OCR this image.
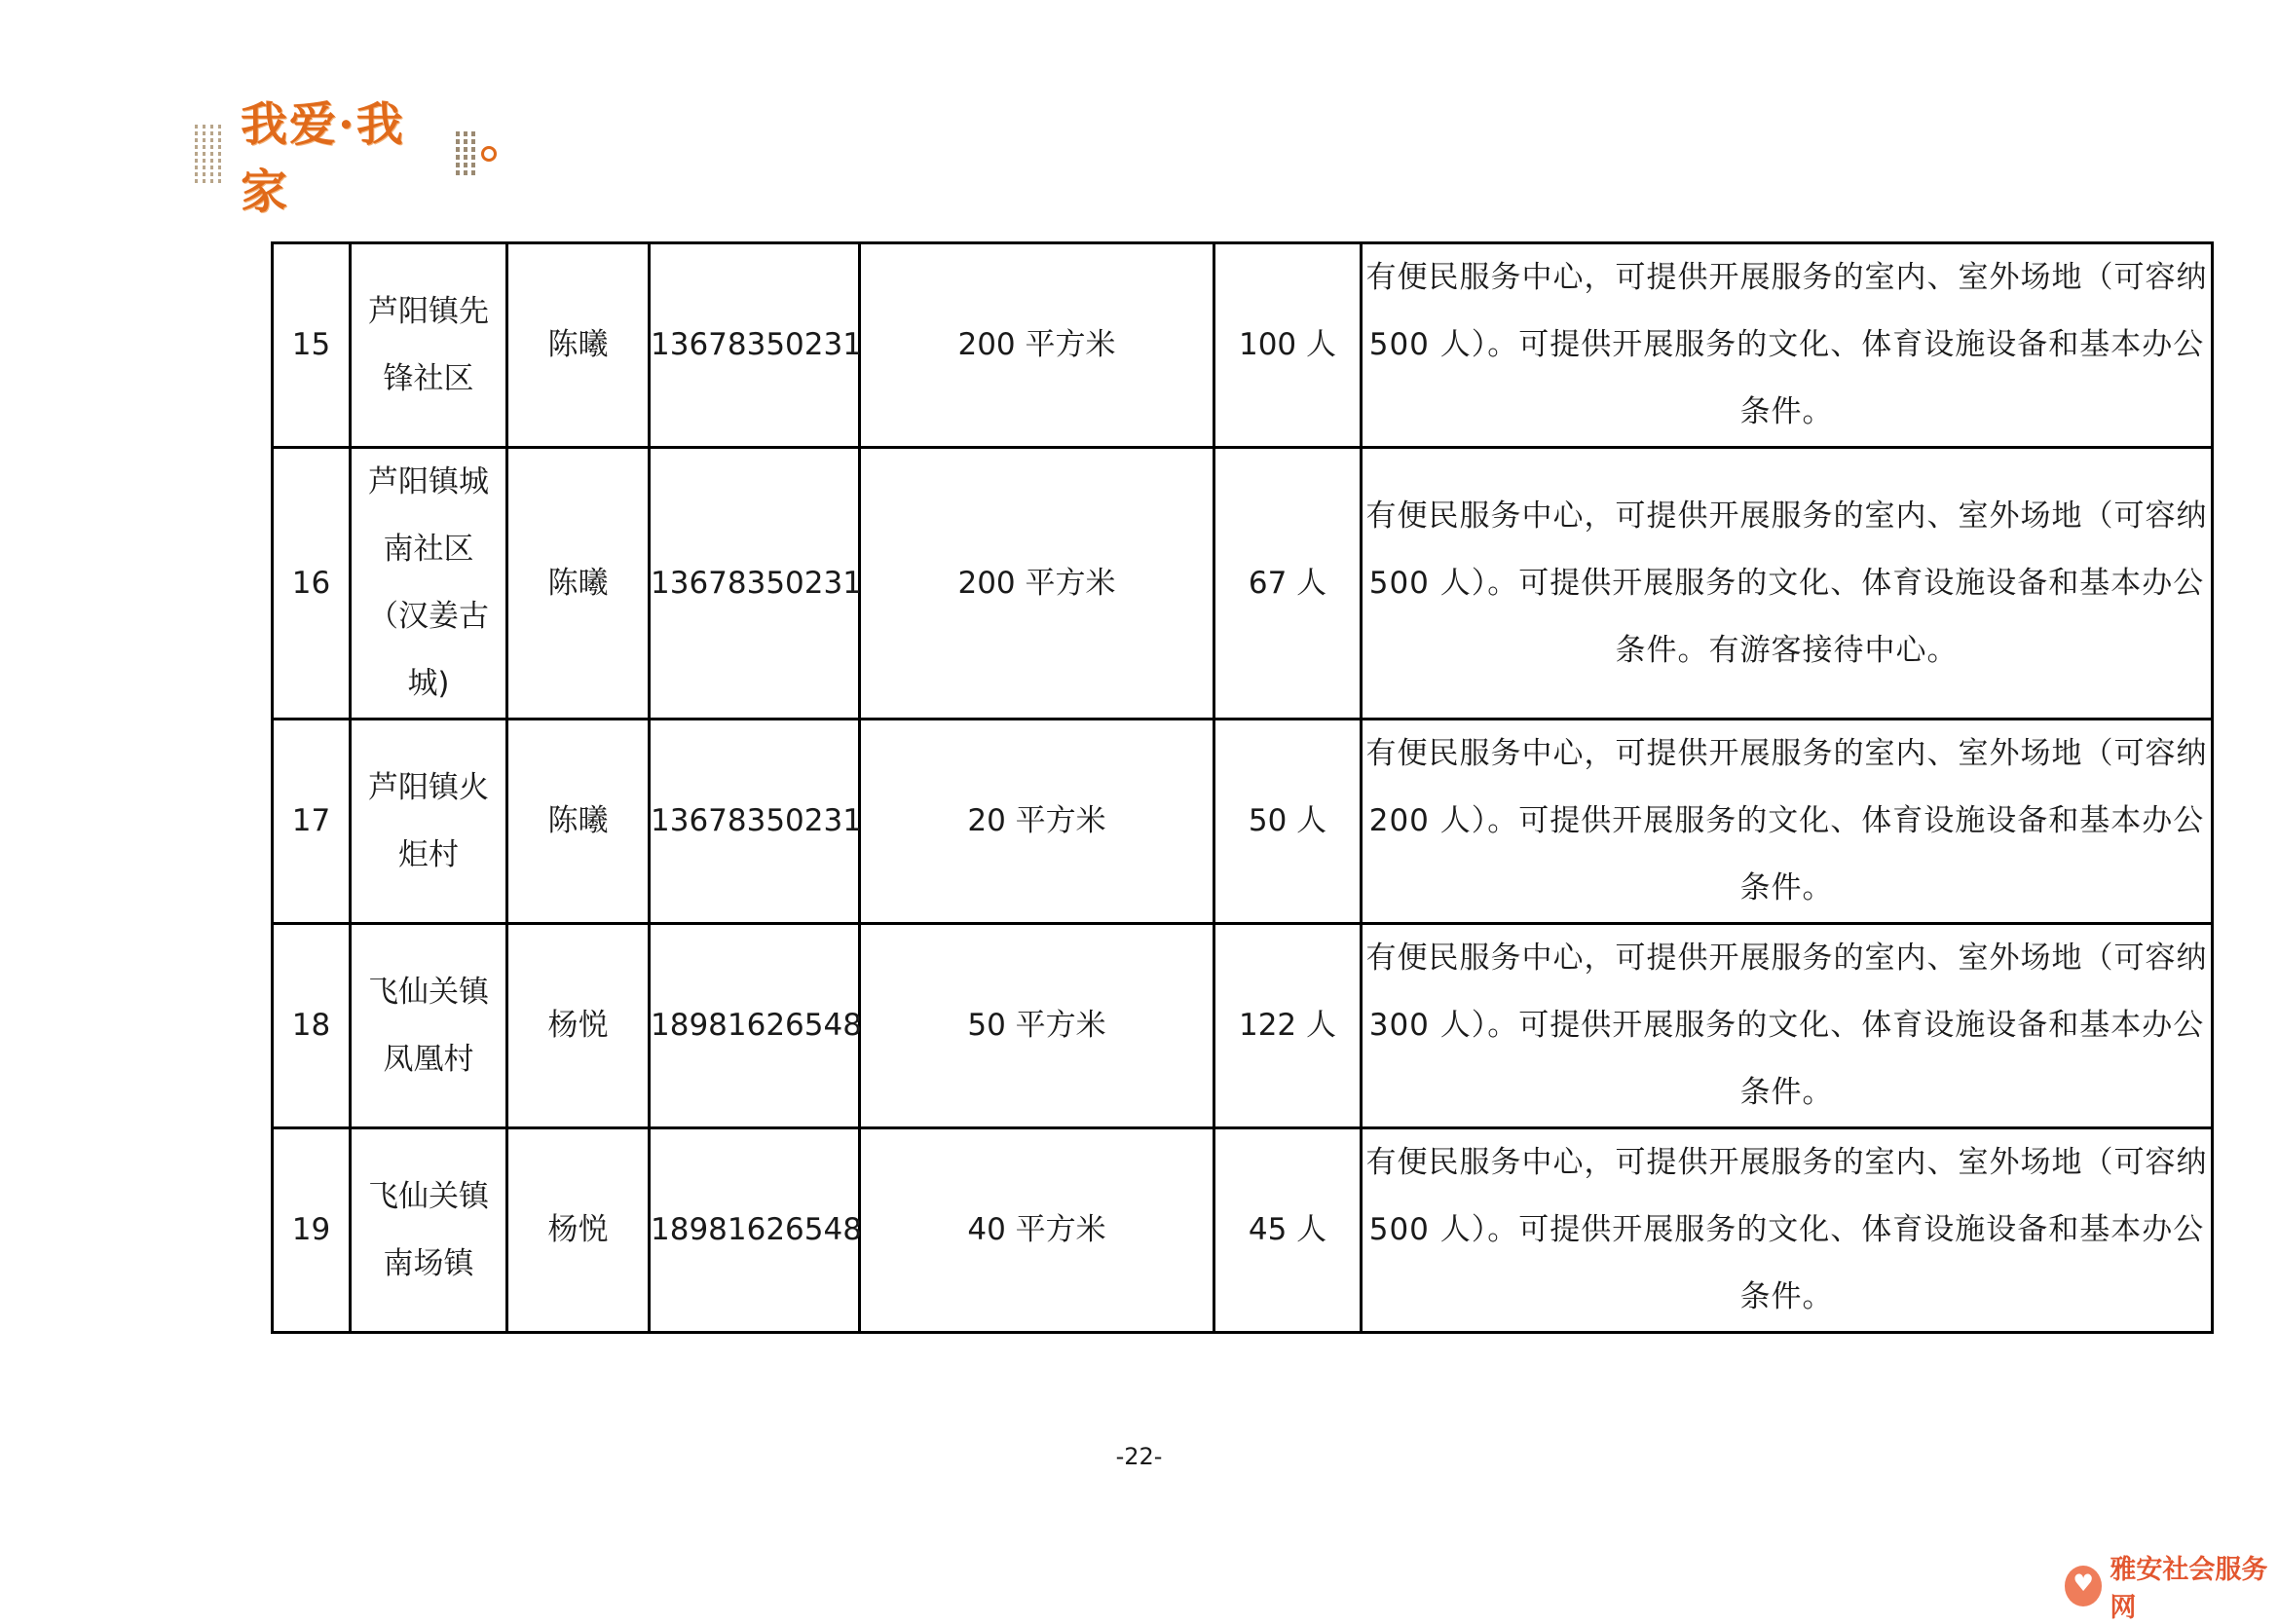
我爱·我家
15	芦阳镇先锋社区	陈曦	13678350231	200 平方米	100 人	有便民服务中心，可提供开展服务的室内、室外场地（可容纳 500 人）。可提供开展服务的文化、体育设施设备和基本办公条件。
16	芦阳镇城南社区（汉姜古城)	陈曦	13678350231	200 平方米	67 人	有便民服务中心，可提供开展服务的室内、室外场地（可容纳 500 人）。可提供开展服务的文化、体育设施设备和基本办公条件。有游客接待中心。
17	芦阳镇火炬村	陈曦	13678350231	20 平方米	50 人	有便民服务中心，可提供开展服务的室内、室外场地（可容纳 200 人）。可提供开展服务的文化、体育设施设备和基本办公条件。
18	飞仙关镇凤凰村	杨悦	18981626548	50 平方米	122 人	有便民服务中心，可提供开展服务的室内、室外场地（可容纳 300 人）。可提供开展服务的文化、体育设施设备和基本办公条件。
19	飞仙关镇南场镇	杨悦	18981626548	40 平方米	45 人	有便民服务中心，可提供开展服务的室内、室外场地（可容纳 500 人）。可提供开展服务的文化、体育设施设备和基本办公条件。
-22-
♥
雅安社会服务网
